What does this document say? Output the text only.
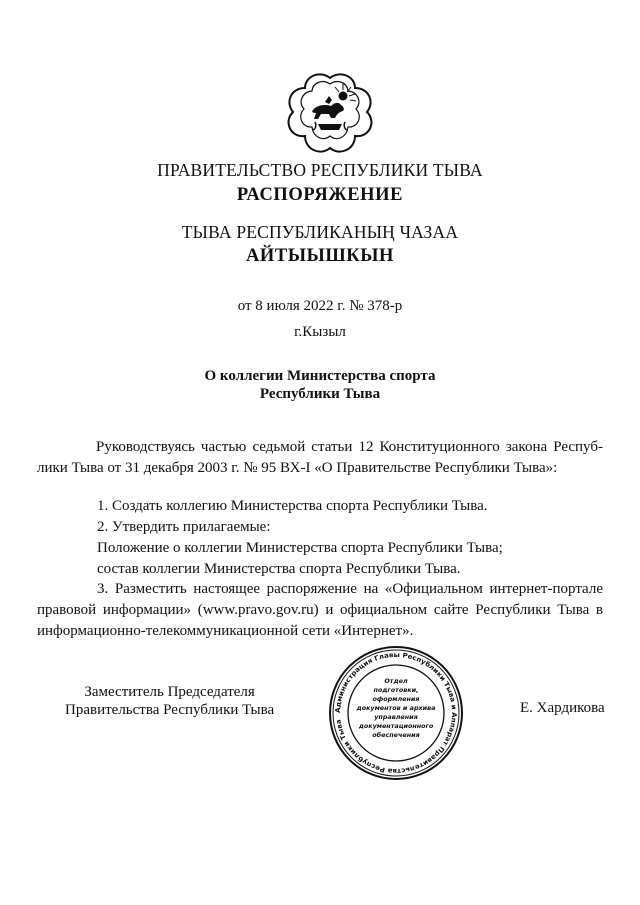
ПРАВИТЕЛЬСТВО РЕСПУБЛИКИ ТЫВА
РАСПОРЯЖЕНИЕ
ТЫВА РЕСПУБЛИКАНЫҢ ЧАЗАА
АЙТЫЫШКЫН
от 8 июля 2022 г. № 378-р
г.Кызыл
О коллегии Министерства спорта
Республики Тыва
Руководствуясь частью седьмой статьи 12 Конституционного закона Респуб-
лики Тыва от 31 декабря 2003 г. № 95 ВХ-I «О Правительстве Республики Тыва»:
1. Создать коллегию Министерства спорта Республики Тыва.
2. Утвердить прилагаемые:
Положение о коллегии Министерства спорта Республики Тыва;
состав коллегии Министерства спорта Республики Тыва.
3. Разместить настоящее распоряжение на «Официальном интернет-портале
правовой информации» (www.pravo.gov.ru) и официальном сайте Республики Тыва в
информационно-телекоммуникационной сети «Интернет».
Заместитель Председателя
Правительства Республики Тыва	Е. Хардикова
Администрация Главы Республики Тыва и Аппарат Правительства Республики Тыва
Отдел
подготовки,
оформления
документов и архива
управления
документационного
обеспечения
